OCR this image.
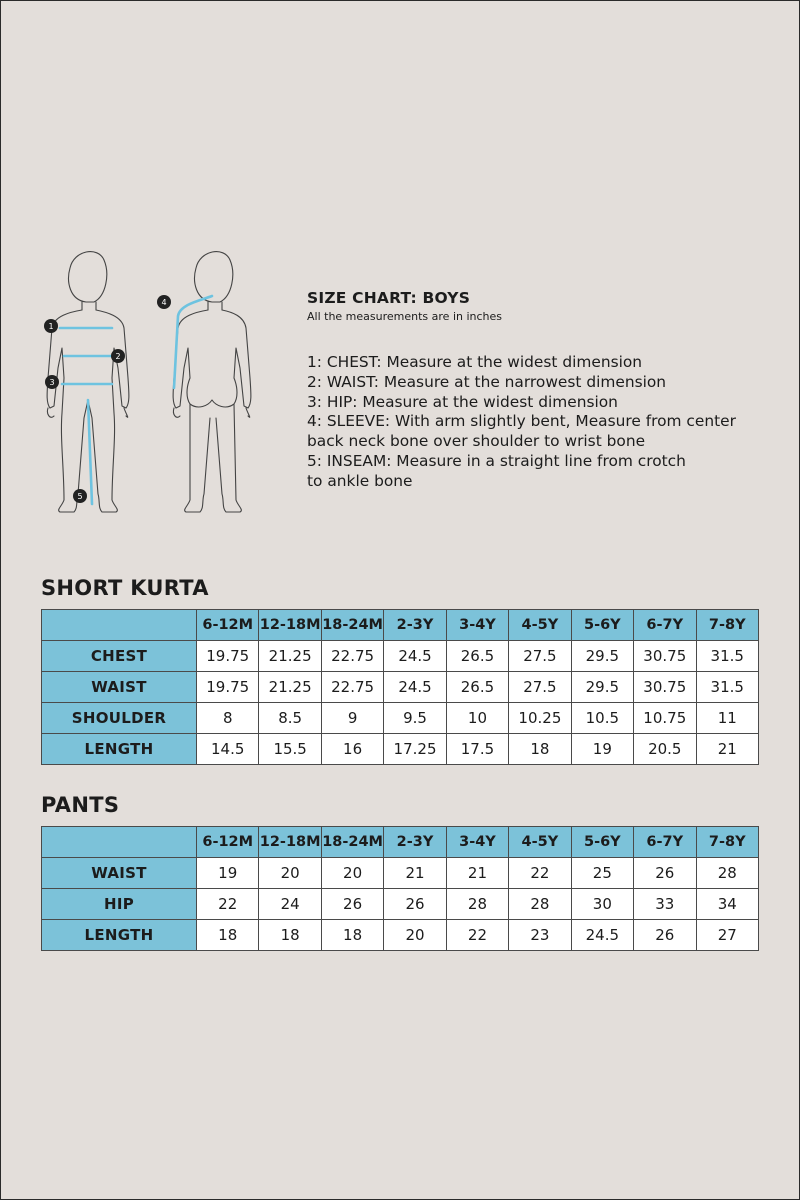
1
2
3
4
5
SIZE CHART: BOYS
All the measurements are in inches
1: CHEST: Measure at the widest dimension
2: WAIST: Measure at the narrowest dimension
3: HIP: Measure at the widest dimension
4: SLEEVE: With arm slightly bent, Measure from center
back neck bone over shoulder to wrist bone
5: INSEAM: Measure in a straight line from crotch
to ankle bone
SHORT KURTA
	6-12M	12-18M	18-24M	2-3Y	3-4Y	4-5Y	5-6Y	6-7Y	7-8Y
CHEST	19.75	21.25	22.75	24.5	26.5	27.5	29.5	30.75	31.5
WAIST	19.75	21.25	22.75	24.5	26.5	27.5	29.5	30.75	31.5
SHOULDER	8	8.5	9	9.5	10	10.25	10.5	10.75	11
LENGTH	14.5	15.5	16	17.25	17.5	18	19	20.5	21
PANTS
	6-12M	12-18M	18-24M	2-3Y	3-4Y	4-5Y	5-6Y	6-7Y	7-8Y
WAIST	19	20	20	21	21	22	25	26	28
HIP	22	24	26	26	28	28	30	33	34
LENGTH	18	18	18	20	22	23	24.5	26	27
